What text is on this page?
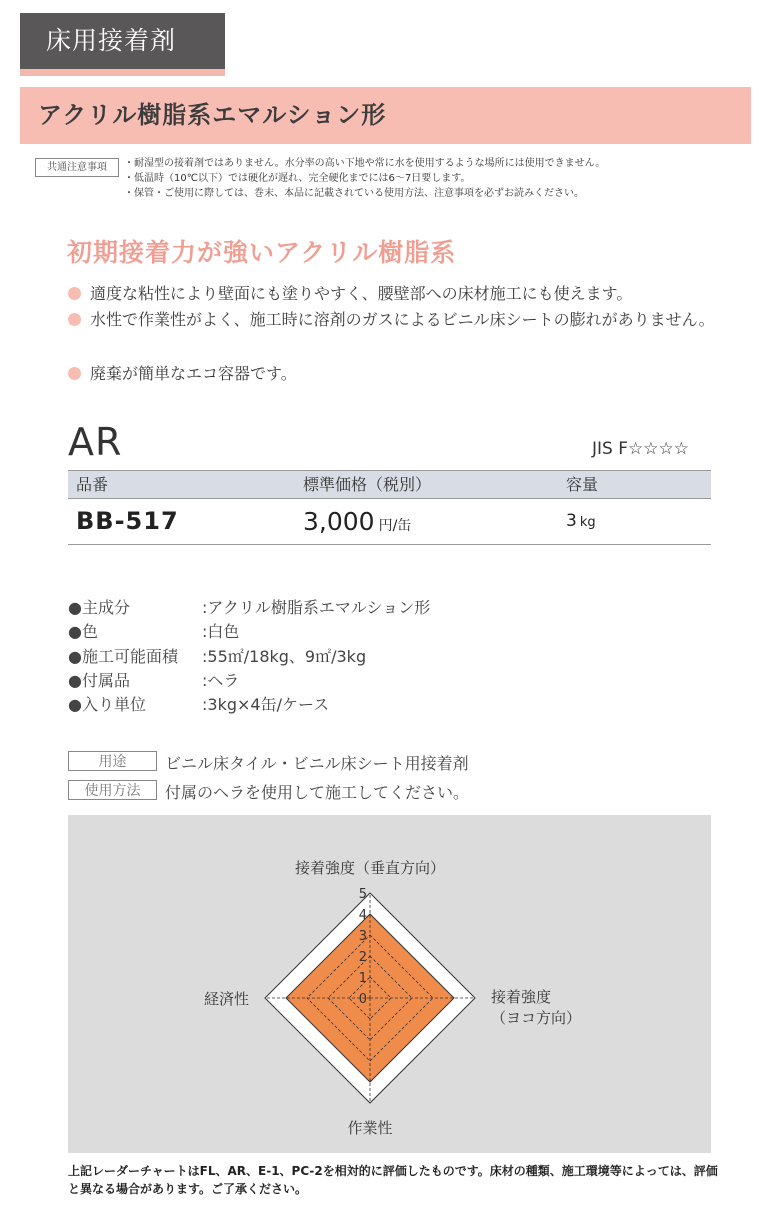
床用接着剤
アクリル樹脂系エマルション形
共通注意事項	・耐湿型の接着剤ではありません。水分率の高い下地や常に水を使用するような場所には使用できません。
・低温時（10℃以下）では硬化が遅れ、完全硬化までには6〜7日要します。
・保管・ご使用に際しては、巻末、本品に記載されている使用方法、注意事項を必ずお読みください。
初期接着力が強いアクリル樹脂系
適度な粘性により壁面にも塗りやすく、腰壁部への床材施工にも使えます。
水性で作業性がよく、施工時に溶剤のガスによるビニル床シートの膨れがありません。
廃棄が簡単なエコ容器です。
AR	JIS F☆☆☆☆
品番	標準価格（税別）	容量
BB-517	3,000 円/缶	3 kg
●主成分	:アクリル樹脂系エマルション形
●色	:白色
●施工可能面積 :55㎡/18kg、9㎡/3kg
●付属品	:ヘラ
●入り単位	:3kg×4缶/ケース
用途	ビニル床タイル・ビニル床シート用接着剤
使用方法	付属のヘラを使用して施工してください。
0
1
2
3
4
5
接着強度（垂直方向）
接着強度
（ヨコ方向）
作業性
経済性
上記レーダーチャートはFL、AR、E-1、PC-2を相対的に評価したものです。床材の種類、施工環境等によっては、評価と異なる場合があります。ご了承ください。
